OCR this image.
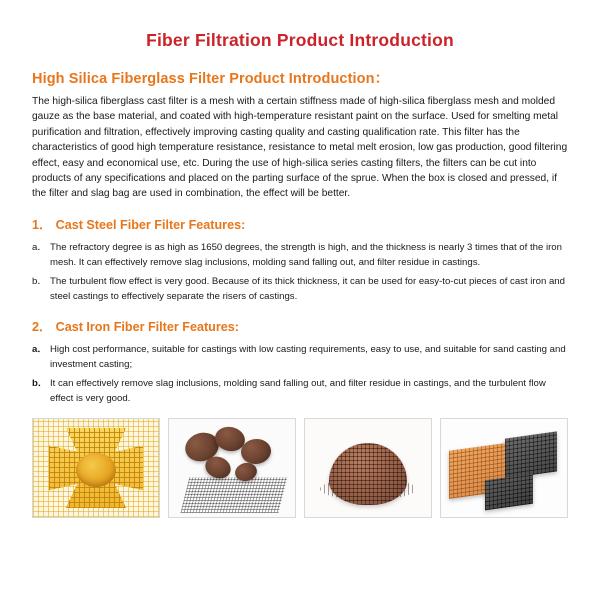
Fiber Filtration Product Introduction
High Silica Fiberglass Filter Product Introduction：

The high-silica fiberglass cast filter is a mesh with a certain stiffness made of high-silica fiberglass mesh and molded gauze as the base material, and coated with high-temperature resistant paint on the surface. Used for smelting metal purification and filtration, effectively improving casting quality and casting qualification rate. This filter has the characteristics of good high temperature resistance, resistance to metal melt erosion, low gas production, good filtering effect, easy and economical use, etc. During the use of high-silica series casting filters, the filters can be cut into products of any specifications and placed on the parting surface of the sprue. When the box is closed and pressed, if the filter and slag bag are used in combination, the effect will be better.

1． Cast Steel Fiber Filter Features:
a． The refractory degree is as high as 1650 degrees, the strength is high, and the thickness is nearly 3 times that of the iron mesh. It can effectively remove slag inclusions, molding sand falling out, and filter residue in castings.
b． The turbulent flow effect is very good. Because of its thick thickness, it can be used for easy-to-cut pieces of cast iron and steel castings to effectively separate the risers of castings.
2． Cast Iron Fiber Filter Features:
a． High cost performance, suitable for castings with low casting requirements, easy to use, and suitable for sand casting and investment casting;
b． It can effectively remove slag inclusions, molding sand falling out, and filter residue in castings, and the turbulent flow effect is very good.
